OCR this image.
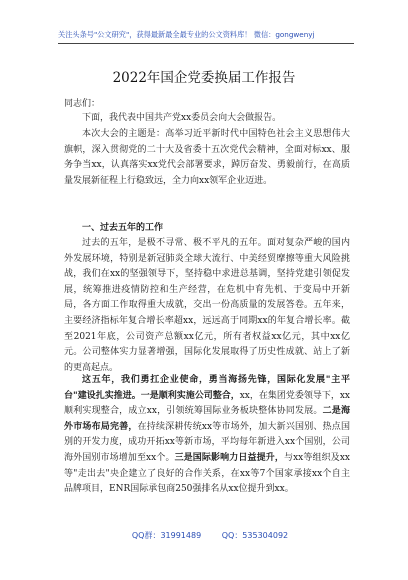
关注头条号"公文研究"，获得最新最全最专业的公文资料库！ 微信：gongwenyj
2022年国企党委换届工作报告
同志们：

下面，我代表中国共产党xx委员会向大会做报告。

本次大会的主题是：高举习近平新时代中国特色社会主义思想伟大旗帜，深入贯彻党的二十大及省委十五次党代会精神，全面对标xx、服务争当xx，认真落实xx党代会部署要求，踔厉奋发、勇毅前行，在高质量发展新征程上行稳致远，全力向xx领军企业迈进。

一、过去五年的工作

过去的五年，是极不寻常、极不平凡的五年。面对复杂严峻的国内外发展环境，特别是新冠肺炎全球大流行、中美经贸摩擦等重大风险挑战，我们在xx的坚强领导下，坚持稳中求进总基调，坚持党建引领促发展，统筹推进疫情防控和生产经营，在危机中育先机、于变局中开新局，各方面工作取得重大成就，交出一份高质量的发展答卷。五年来，主要经济指标年复合增长率超xx，远远高于同期xx的年复合增长率。截至2021年底，公司资产总额xx亿元，所有者权益xx亿元，其中xx亿元。公司整体实力显著增强，国际化发展取得了历史性成就、站上了新的更高起点。

这五年，我们勇扛企业使命，勇当海扬先锋，国际化发展"主平台"建设扎实推进。一是顺利实施公司整合，xx，在集团党委领导下，xx顺利实现整合，成立xx，引领统筹国际业务板块整体协同发展。二是海外市场布局完善，在持续深耕传统xx等市场外，加大新兴国别、热点国别的开发力度，成功开拓xx等新市场，平均每年新进入xx个国别，公司海外国别市场增加至xx个。三是国际影响力日益提升，与xx等组织及xx等"走出去"央企建立了良好的合作关系，在xx等7个国家承接xx个自主品牌项目，ENR国际承包商250强排名从xx位提升到xx。

QQ群：31991489	QQ：535304092
